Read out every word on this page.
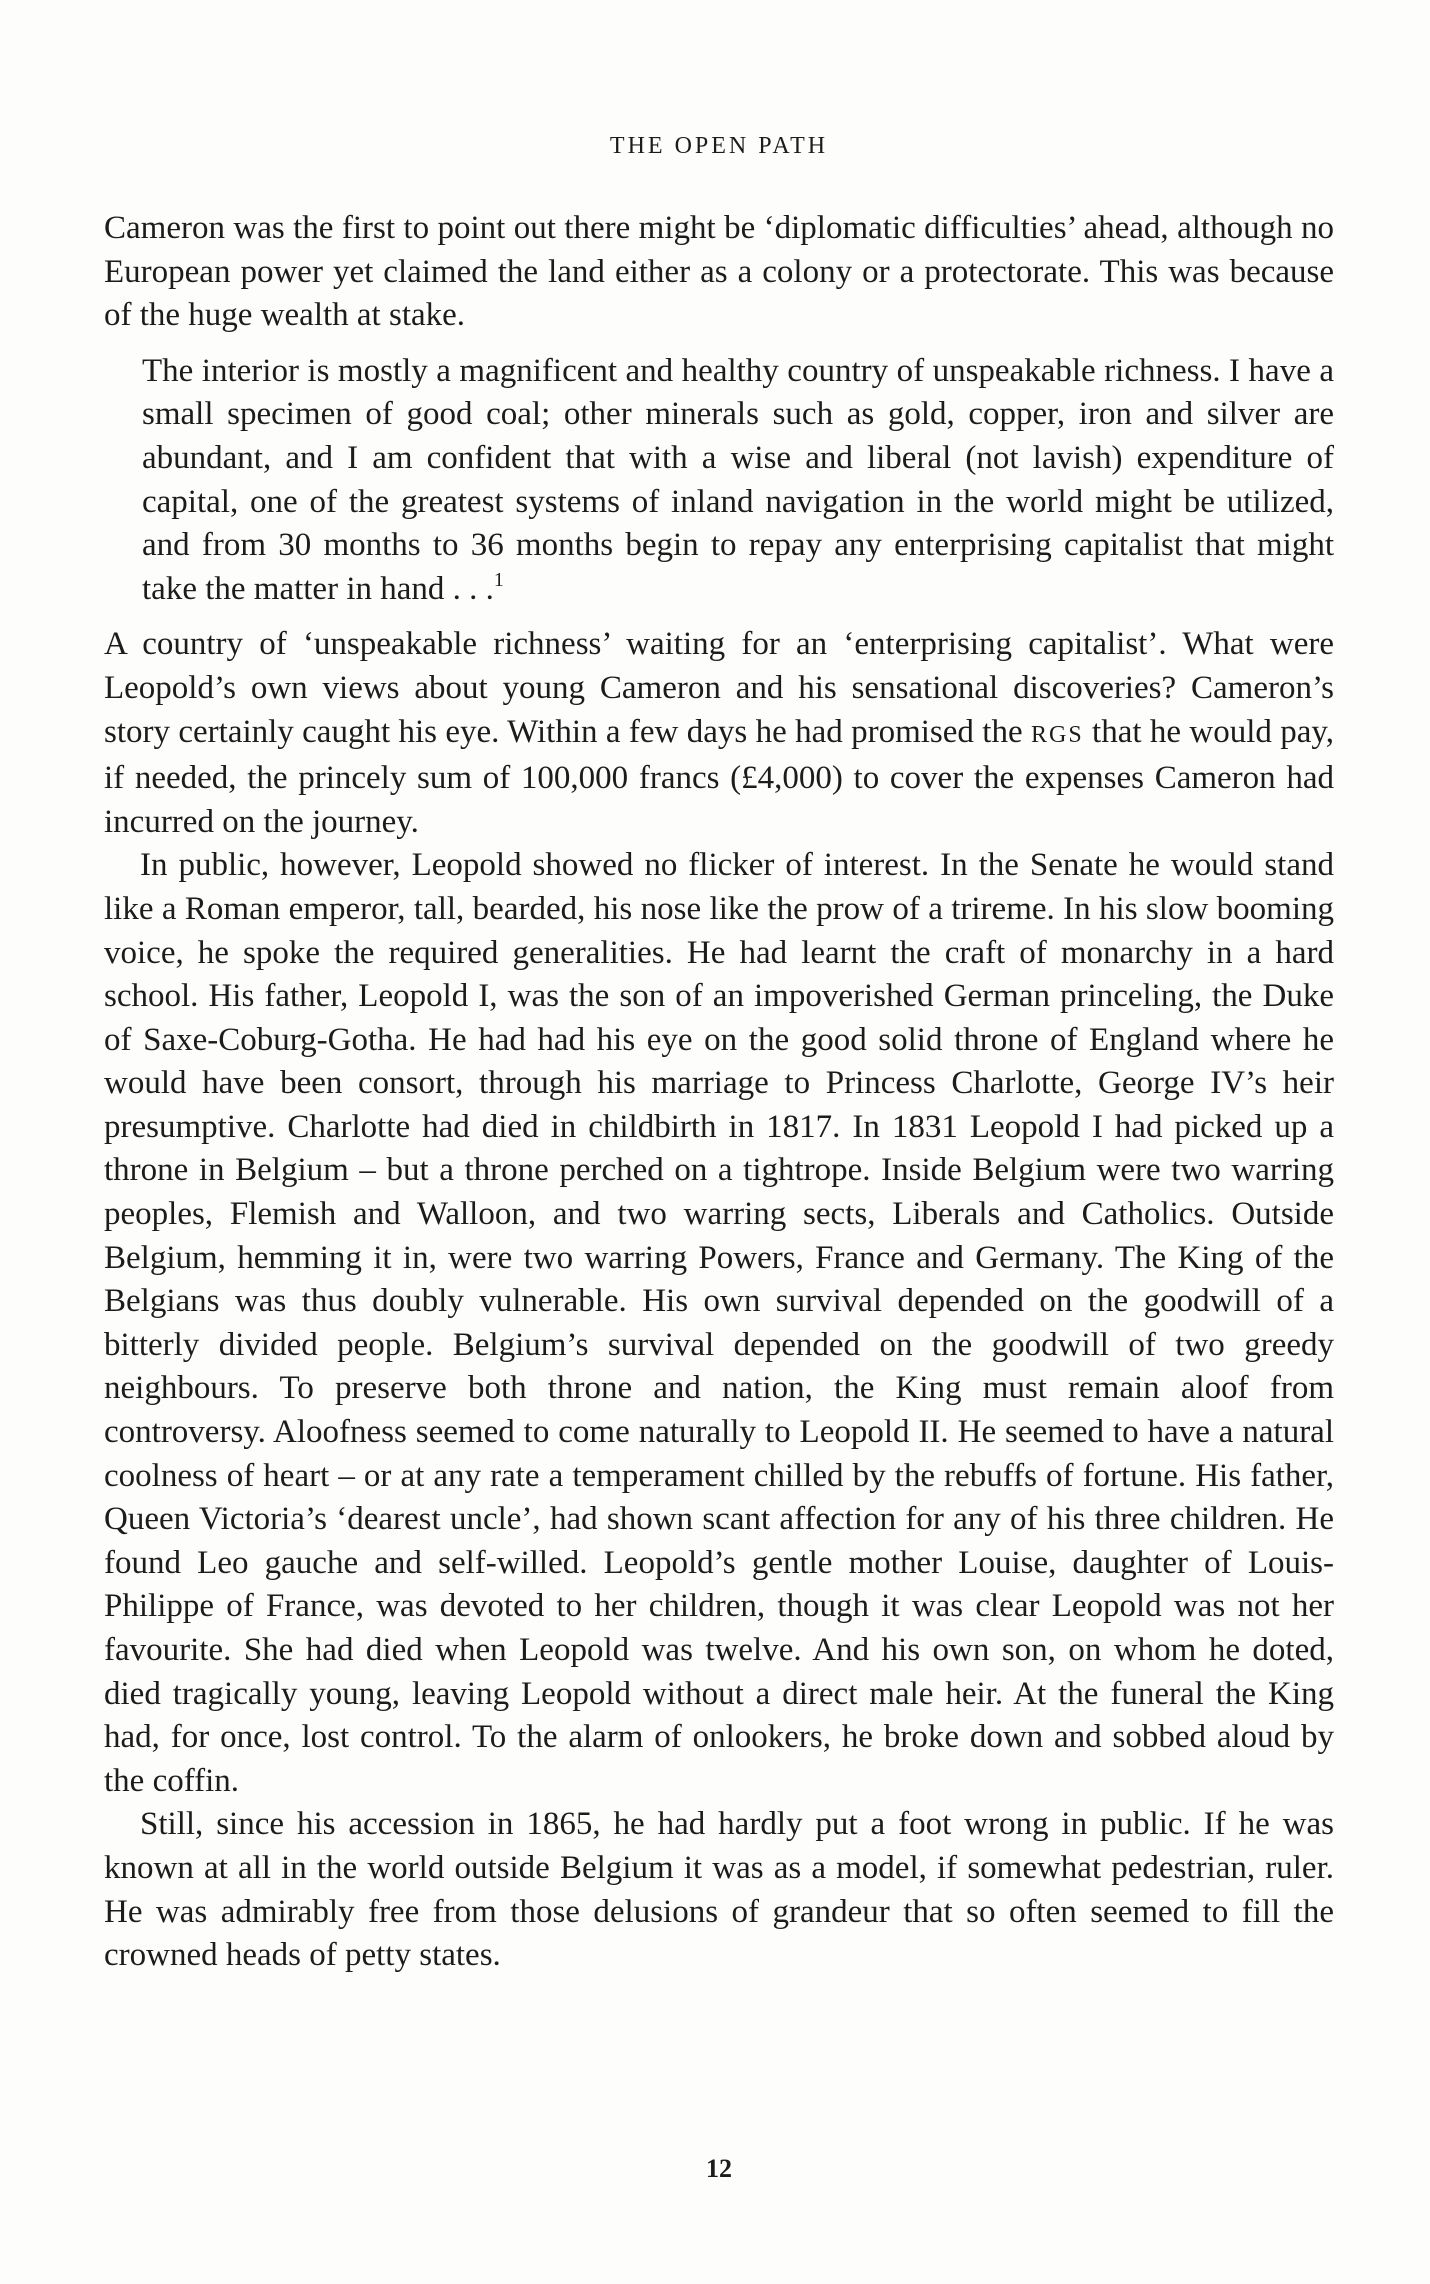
THE OPEN PATH

Cameron was the first to point out there might be ‘diplomatic difficulties’ ahead, although no European power yet claimed the land either as a colony or a protectorate. This was because of the huge wealth at stake.

The interior is mostly a magnificent and healthy country of unspeakable richness. I have a small specimen of good coal; other minerals such as gold, copper, iron and silver are abundant, and I am confident that with a wise and liberal (not lavish) expenditure of capital, one of the greatest systems of inland navigation in the world might be utilized, and from 30 months to 36 months begin to repay any enterprising capitalist that might take the matter in hand . . .$^1$

A country of ‘unspeakable richness’ waiting for an ‘enterprising capitalist’. What were Leopold’s own views about young Cameron and his sensational discoveries? Cameron’s story certainly caught his eye. Within a few days he had promised the RGS that he would pay, if needed, the princely sum of 100,000 francs (£4,000) to cover the expenses Cameron had incurred on the journey.

In public, however, Leopold showed no flicker of interest. In the Senate he would stand like a Roman emperor, tall, bearded, his nose like the prow of a trireme. In his slow booming voice, he spoke the required generalities. He had learnt the craft of monarchy in a hard school. His father, Leopold I, was the son of an impoverished German princeling, the Duke of Saxe-Coburg-Gotha. He had had his eye on the good solid throne of England where he would have been consort, through his marriage to Princess Charlotte, George IV’s heir presumptive. Charlotte had died in childbirth in 1817. In 1831 Leopold I had picked up a throne in Belgium – but a throne perched on a tightrope. Inside Belgium were two warring peoples, Flemish and Walloon, and two warring sects, Liberals and Catholics. Outside Belgium, hemming it in, were two warring Powers, France and Germany. The King of the Belgians was thus doubly vulnerable. His own survival depended on the goodwill of a bitterly divided people. Belgium’s survival depended on the goodwill of two greedy neighbours. To preserve both throne and nation, the King must remain aloof from controversy. Aloofness seemed to come naturally to Leopold II. He seemed to have a natural coolness of heart – or at any rate a temperament chilled by the rebuffs of fortune. His father, Queen Victoria’s ‘dearest uncle’, had shown scant affection for any of his three children. He found Leo gauche and self-willed. Leopold’s gentle mother Louise, daughter of Louis-Philippe of France, was devoted to her children, though it was clear Leopold was not her favourite. She had died when Leopold was twelve. And his own son, on whom he doted, died tragically young, leaving Leopold without a direct male heir. At the funeral the King had, for once, lost control. To the alarm of onlookers, he broke down and sobbed aloud by the coffin.

Still, since his accession in 1865, he had hardly put a foot wrong in public. If he was known at all in the world outside Belgium it was as a model, if somewhat pedestrian, ruler. He was admirably free from those delusions of grandeur that so often seemed to fill the crowned heads of petty states.

12
